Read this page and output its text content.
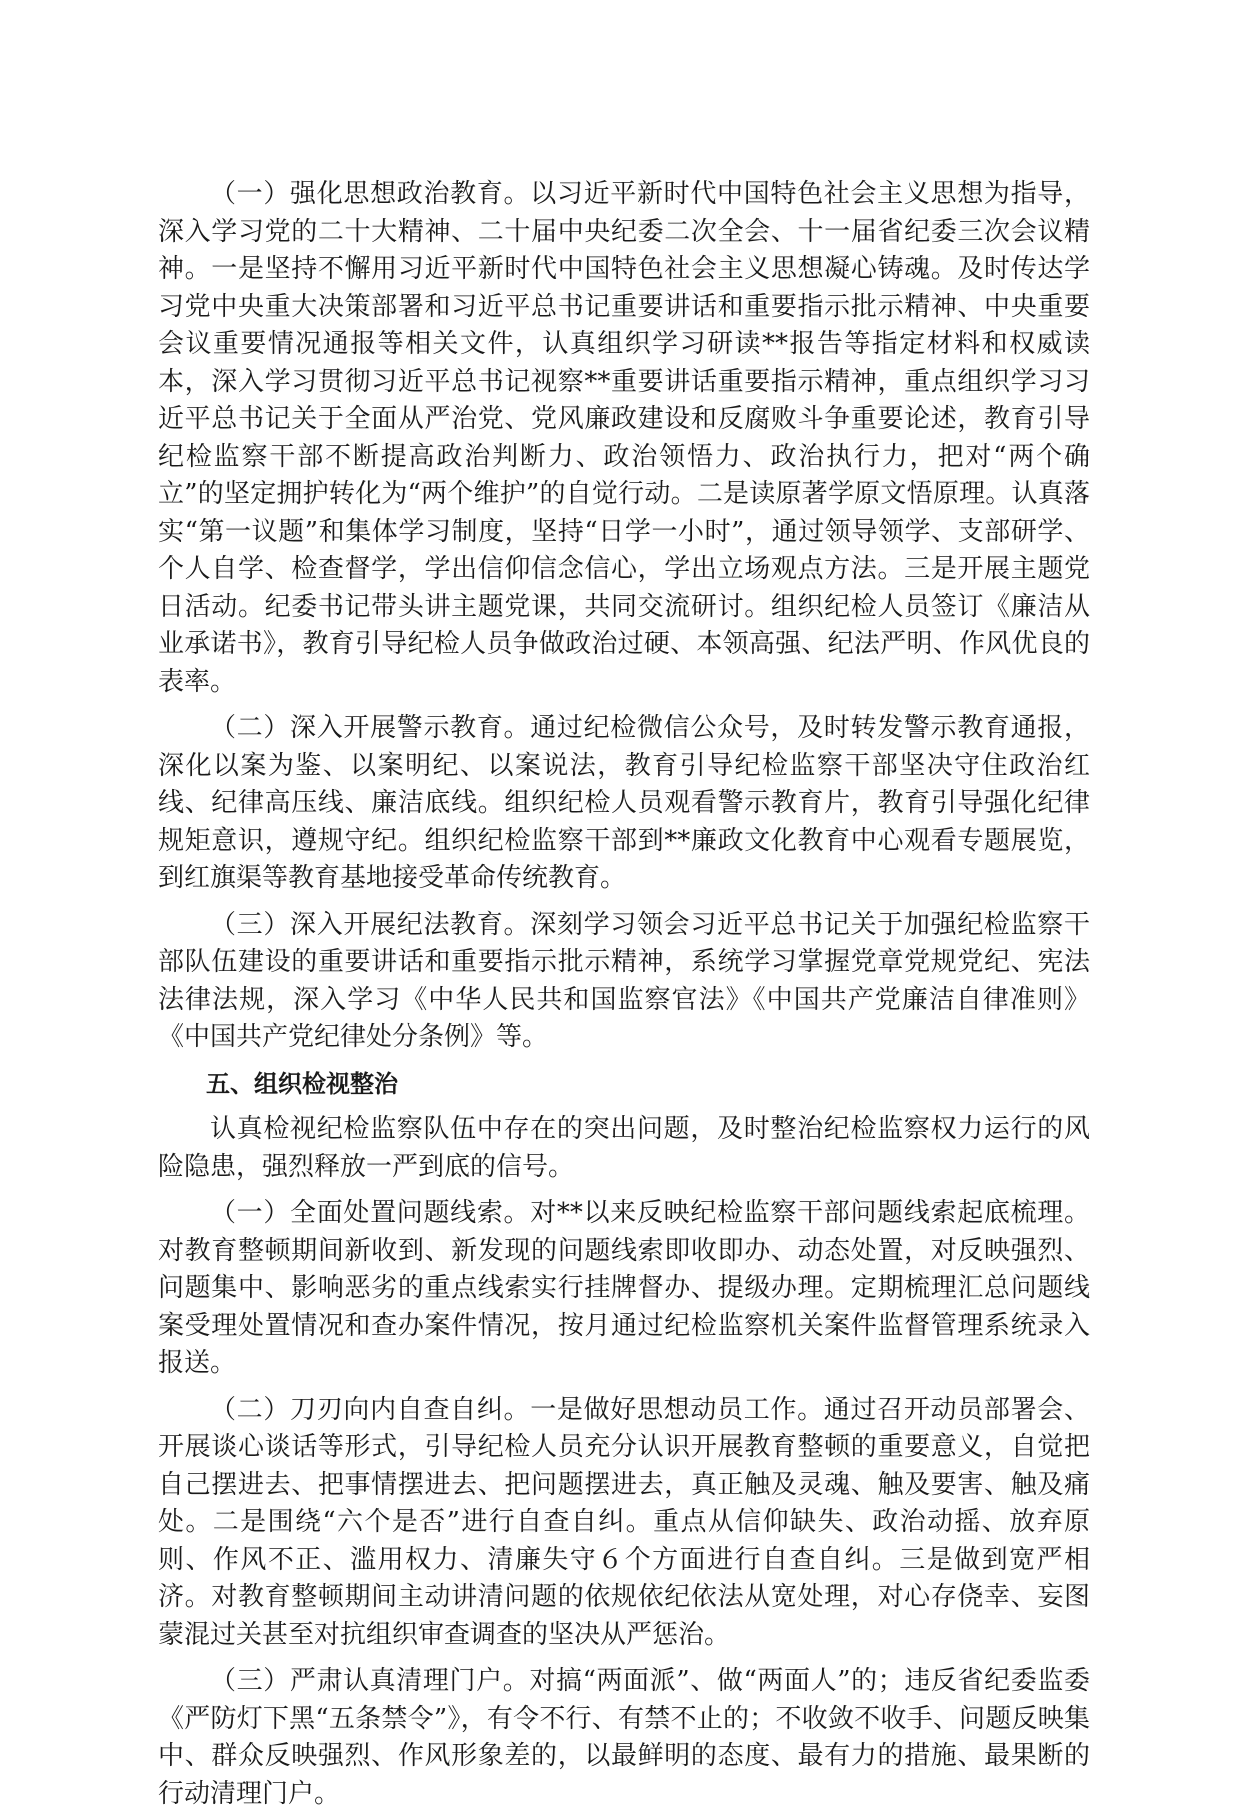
（一）强化思想政治教育。以习近平新时代中国特色社会主义思想为指导，深入学习党的二十大精神、二十届中央纪委二次全会、十一届省纪委三次会议精神。一是坚持不懈用习近平新时代中国特色社会主义思想凝心铸魂。及时传达学习党中央重大决策部署和习近平总书记重要讲话和重要指示批示精神、中央重要会议重要情况通报等相关文件，认真组织学习研读**报告等指定材料和权威读本，深入学习贯彻习近平总书记视察**重要讲话重要指示精神，重点组织学习习近平总书记关于全面从严治党、党风廉政建设和反腐败斗争重要论述，教育引导纪检监察干部不断提高政治判断力、政治领悟力、政治执行力，把对“两个确立”的坚定拥护转化为“两个维护”的自觉行动。二是读原著学原文悟原理。认真落实“第一议题”和集体学习制度，坚持“日学一小时”，通过领导领学、支部研学、个人自学、检查督学，学出信仰信念信心，学出立场观点方法。三是开展主题党日活动。纪委书记带头讲主题党课，共同交流研讨。组织纪检人员签订《廉洁从业承诺书》，教育引导纪检人员争做政治过硬、本领高强、纪法严明、作风优良的表率。

（二）深入开展警示教育。通过纪检微信公众号，及时转发警示教育通报，深化以案为鉴、以案明纪、以案说法，教育引导纪检监察干部坚决守住政治红线、纪律高压线、廉洁底线。组织纪检人员观看警示教育片，教育引导强化纪律规矩意识，遵规守纪。组织纪检监察干部到**廉政文化教育中心观看专题展览，到红旗渠等教育基地接受革命传统教育。

（三）深入开展纪法教育。深刻学习领会习近平总书记关于加强纪检监察干部队伍建设的重要讲话和重要指示批示精神，系统学习掌握党章党规党纪、宪法法律法规，深入学习《中华人民共和国监察官法》《中国共产党廉洁自律准则》《中国共产党纪律处分条例》等。

五、组织检视整治

认真检视纪检监察队伍中存在的突出问题，及时整治纪检监察权力运行的风险隐患，强烈释放一严到底的信号。

（一）全面处置问题线索。对**以来反映纪检监察干部问题线索起底梳理。对教育整顿期间新收到、新发现的问题线索即收即办、动态处置，对反映强烈、问题集中、影响恶劣的重点线索实行挂牌督办、提级办理。定期梳理汇总问题线案受理处置情况和查办案件情况，按月通过纪检监察机关案件监督管理系统录入报送。

（二）刀刃向内自查自纠。一是做好思想动员工作。通过召开动员部署会、开展谈心谈话等形式，引导纪检人员充分认识开展教育整顿的重要意义，自觉把自己摆进去、把事情摆进去、把问题摆进去，真正触及灵魂、触及要害、触及痛处。二是围绕“六个是否”进行自查自纠。重点从信仰缺失、政治动摇、放弃原则、作风不正、滥用权力、清廉失守６个方面进行自查自纠。三是做到宽严相济。对教育整顿期间主动讲清问题的依规依纪依法从宽处理，对心存侥幸、妄图蒙混过关甚至对抗组织审查调查的坚决从严惩治。

（三）严肃认真清理门户。对搞“两面派”、做“两面人”的；违反省纪委监委《严防灯下黑“五条禁令”》，有令不行、有禁不止的；不收敛不收手、问题反映集中、群众反映强烈、作风形象差的，以最鲜明的态度、最有力的措施、最果断的行动清理门户。
